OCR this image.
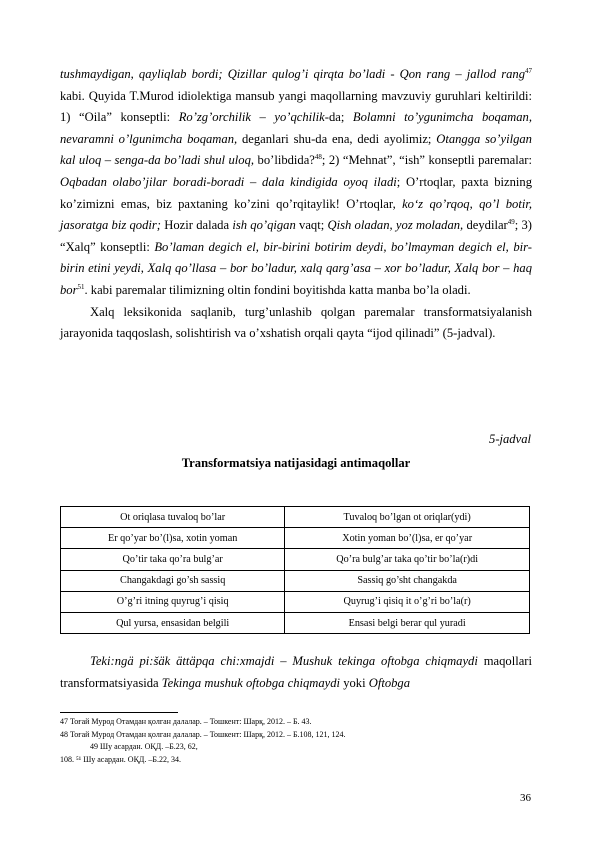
tushmaydigan, qayliqlab bordi; Qizillar qulog’i qirqta bo’ladi - Qon rang – jallod rang$^{47}$ kabi. Quyida T.Murod idiolektiga mansub yangi maqollarning mavzuviy guruhlari keltirildi: 1) “Oila” konseptli: Ro’zg’orchilik – yo’qchilik-da; Bolamni to’ygunimcha boqaman, nevaramni o’lgunimcha boqaman, deganlari shu-da ena, dedi ayolimiz; Otangga so’yilgan kal uloq – senga-da bo’ladi shul uloq, bo’libdida?$^{48}$; 2) “Mehnat”, “ish” konseptli paremalar: Oqbadan olabo’jilar boradi-boradi – dala kindigida oyoq iladi; O’rtoqlar, paxta bizning ko’zimizni emas, biz paxtaning ko’zini qo’rqitaylik! O’rtoqlar, ko‘z qo’rqoq, qo’l botir, jasoratga biz qodir; Hozir dalada ish qo’qigan vaqt; Qish oladan, yoz moladan, deydilar$^{49}$; 3) “Xalq” konseptli: Bo’laman degich el, bir-birini botirim deydi, bo’lmayman degich el, bir-birin etini yeydi, Xalq qo’llasa – bor bo’ladur, xalq qarg’asa – xor bo’ladur, Xalq bor – haq bor$^{51}$. kabi paremalar tilimizning oltin fondini boyitishda katta manba bo’la oladi.

Xalq leksikonida saqlanib, turg’unlashib qolgan paremalar transformatsiyalanish jarayonida taqqoslash, solishtirish va o’xshatish orqali qayta “ijod qilinadi” (5-jadval).

5-jadval
Transformatsiya natijasidagi antimaqollar
Ot oriqlasa tuvaloq bo’lar	Tuvaloq bo’lgan ot oriqlar(ydi)
Er qo’yar bo’(l)sa, xotin yoman	Xotin yoman bo’(l)sa, er qo’yar
Qo’tir taka qo’ra bulg’ar	Qo’ra bulg’ar taka qo’tir bo’la(r)di
Changakdagi go’sh sassiq	Sassiq go’sht changakda
O’g’ri itning quyrug’i qisiq	Quyrug’i qisiq it o’g’ri bo’la(r)
Qul yursa, ensasidan belgili	Ensasi belgi berar qul yuradi

Teki:ngä pi:šäk ättäpqa chi:xmajdi – Mushuk tekinga oftobga chiqmaydi maqollari transformatsiyasida Tekinga mushuk oftobga chiqmaydi yoki Oftobga

47 Тоғай Мурод Отамдан қолган далалар. – Тошкент: Шарқ, 2012. – Б. 43.
48 Тоғай Мурод Отамдан қолган далалар. – Тошкент: Шарқ, 2012. – Б.108, 121, 124.
49 Шу асардан. ОҚД. –Б.23, 62,
108. ⁵¹ Шу асардан. ОҚД. –Б.22, 34.
36
